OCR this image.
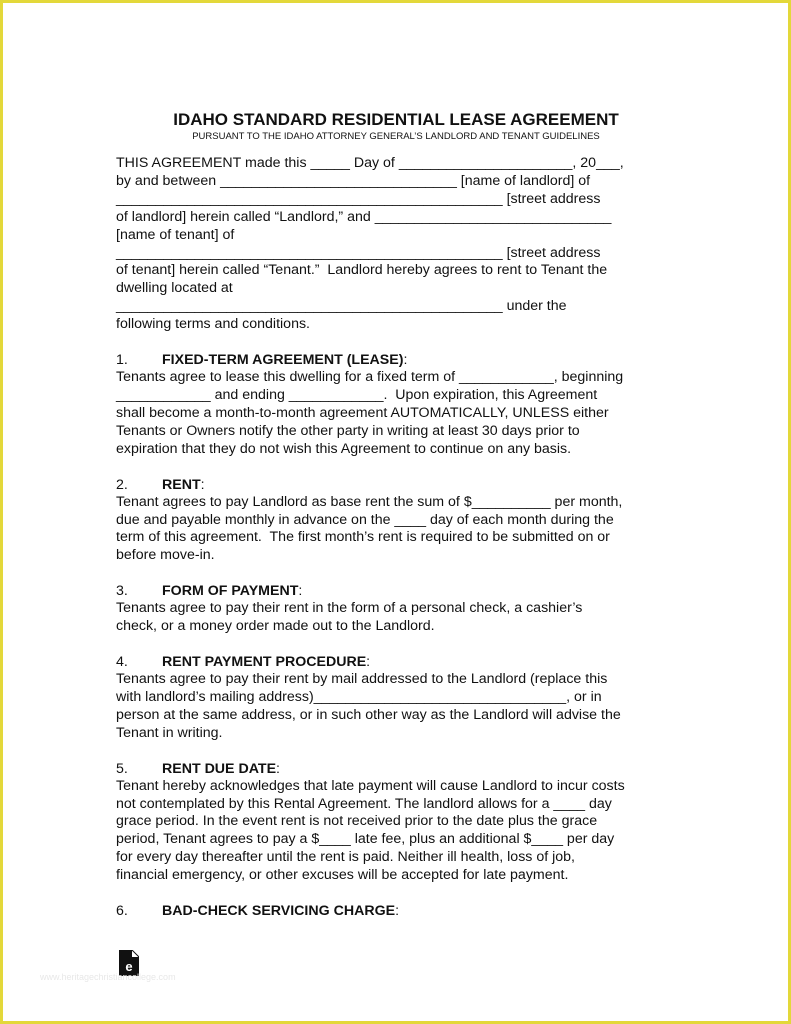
IDAHO STANDARD RESIDENTIAL LEASE AGREEMENT

PURSUANT TO THE IDAHO ATTORNEY GENERAL’S LANDLORD AND TENANT GUIDELINES

THIS AGREEMENT made this _____ Day of ______________________, 20___,

by and between ______________________________ [name of landlord] of

_________________________________________________ [street address

of landlord] herein called “Landlord,” and ______________________________

[name of tenant] of

_________________________________________________ [street address

of tenant] herein called “Tenant.”  Landlord hereby agrees to rent to Tenant the

dwelling located at

_________________________________________________ under the

following terms and conditions.

1. FIXED-TERM AGREEMENT (LEASE):

Tenants agree to lease this dwelling for a fixed term of ____________, beginning

____________ and ending ____________.  Upon expiration, this Agreement

shall become a month-to-month agreement AUTOMATICALLY, UNLESS either

Tenants or Owners notify the other party in writing at least 30 days prior to

expiration that they do not wish this Agreement to continue on any basis.

2. RENT:

Tenant agrees to pay Landlord as base rent the sum of $__________ per month,

due and payable monthly in advance on the ____ day of each month during the

term of this agreement.  The first month’s rent is required to be submitted on or

before move-in.

3. FORM OF PAYMENT:

Tenants agree to pay their rent in the form of a personal check, a cashier’s

check, or a money order made out to the Landlord.

4. RENT PAYMENT PROCEDURE:

Tenants agree to pay their rent by mail addressed to the Landlord (replace this

with landlord’s mailing address)________________________________, or in

person at the same address, or in such other way as the Landlord will advise the

Tenant in writing.

5. RENT DUE DATE:

Tenant hereby acknowledges that late payment will cause Landlord to incur costs

not contemplated by this Rental Agreement. The landlord allows for a ____ day

grace period. In the event rent is not received prior to the date plus the grace

period, Tenant agrees to pay a $____ late fee, plus an additional $____ per day

for every day thereafter until the rent is paid. Neither ill health, loss of job,

financial emergency, or other excuses will be accepted for late payment.

6. BAD-CHECK SERVICING CHARGE:

e
www.heritagechristiancollege.com
